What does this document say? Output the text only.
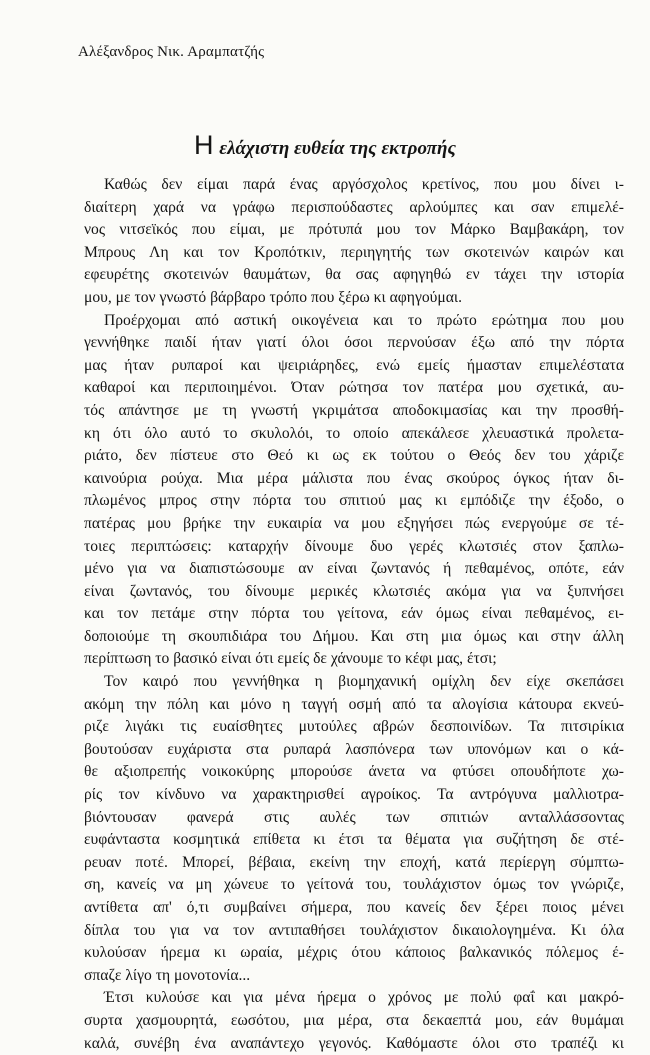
Αλέξανδρος Νικ. Αραμπατζής
Η ελάχιστη ευθεία της εκτροπής
Καθώς δεν είμαι παρά ένας αργόσχολος κρετίνος, που μου δίνει ι-
διαίτερη χαρά να γράφω περισπούδαστες αρλούμπες και σαν επιμελέ-
νος νιτσεϊκός που είμαι, με πρότυπά μου τον Μάρκο Βαμβακάρη, τον
Μπρους Λη και τον Κροπότκιν, περιηγητής των σκοτεινών καιρών και
εφευρέτης σκοτεινών θαυμάτων, θα σας αφηγηθώ εν τάχει την ιστορία
μου, με τον γνωστό βάρβαρο τρόπο που ξέρω κι αφηγούμαι.
Προέρχομαι από αστική οικογένεια και το πρώτο ερώτημα που μου
γεννήθηκε παιδί ήταν γιατί όλοι όσοι περνούσαν έξω από την πόρτα
μας ήταν ρυπαροί και ψειριάρηδες, ενώ εμείς ήμασταν επιμελέστατα
καθαροί και περιποιημένοι. Όταν ρώτησα τον πατέρα μου σχετικά, αυ-
τός απάντησε με τη γνωστή γκριμάτσα αποδοκιμασίας και την προσθή-
κη ότι όλο αυτό το σκυλολόι, το οποίο απεκάλεσε χλευαστικά προλετα-
ριάτο, δεν πίστευε στο Θεό κι ως εκ τούτου ο Θεός δεν του χάριζε
καινούρια ρούχα. Μια μέρα μάλιστα που ένας σκούρος όγκος ήταν δι-
πλωμένος μπρος στην πόρτα του σπιτιού μας κι εμπόδιζε την έξοδο, ο
πατέρας μου βρήκε την ευκαιρία να μου εξηγήσει πώς ενεργούμε σε τέ-
τοιες περιπτώσεις: καταρχήν δίνουμε δυο γερές κλωτσιές στον ξαπλω-
μένο για να διαπιστώσουμε αν είναι ζωντανός ή πεθαμένος, οπότε, εάν
είναι ζωντανός, του δίνουμε μερικές κλωτσιές ακόμα για να ξυπνήσει
και τον πετάμε στην πόρτα του γείτονα, εάν όμως είναι πεθαμένος, ει-
δοποιούμε τη σκουπιδιάρα του Δήμου. Και στη μια όμως και στην άλλη
περίπτωση το βασικό είναι ότι εμείς δε χάνουμε το κέφι μας, έτσι;
Τον καιρό που γεννήθηκα η βιομηχανική ομίχλη δεν είχε σκεπάσει
ακόμη την πόλη και μόνο η ταγγή οσμή από τα αλογίσια κάτουρα εκνεύ-
ριζε λιγάκι τις ευαίσθητες μυτούλες αβρών δεσποινίδων. Τα πιτσιρίκια
βουτούσαν ευχάριστα στα ρυπαρά λασπόνερα των υπονόμων και ο κά-
θε αξιοπρεπής νοικοκύρης μπορούσε άνετα να φτύσει οπουδήποτε χω-
ρίς τον κίνδυνο να χαρακτηρισθεί αγροίκος. Τα αντρόγυνα μαλλιοτρα-
βιόντουσαν φανερά στις αυλές των σπιτιών ανταλλάσσοντας
ευφάνταστα κοσμητικά επίθετα κι έτσι τα θέματα για συζήτηση δε στέ-
ρευαν ποτέ. Μπορεί, βέβαια, εκείνη την εποχή, κατά περίεργη σύμπτω-
ση, κανείς να μη χώνευε το γείτονά του, τουλάχιστον όμως τον γνώριζε,
αντίθετα απ' ό,τι συμβαίνει σήμερα, που κανείς δεν ξέρει ποιος μένει
δίπλα του για να τον αντιπαθήσει τουλάχιστον δικαιολογημένα. Κι όλα
κυλούσαν ήρεμα κι ωραία, μέχρις ότου κάποιος βαλκανικός πόλεμος έ-
σπαζε λίγο τη μονοτονία...
Έτσι κυλούσε και για μένα ήρεμα ο χρόνος με πολύ φαΐ και μακρό-
συρτα χασμουρητά, εωσότου, μια μέρα, στα δεκαεπτά μου, εάν θυμάμαι
καλά, συνέβη ένα αναπάντεχο γεγονός. Καθόμαστε όλοι στο τραπέζι κι
